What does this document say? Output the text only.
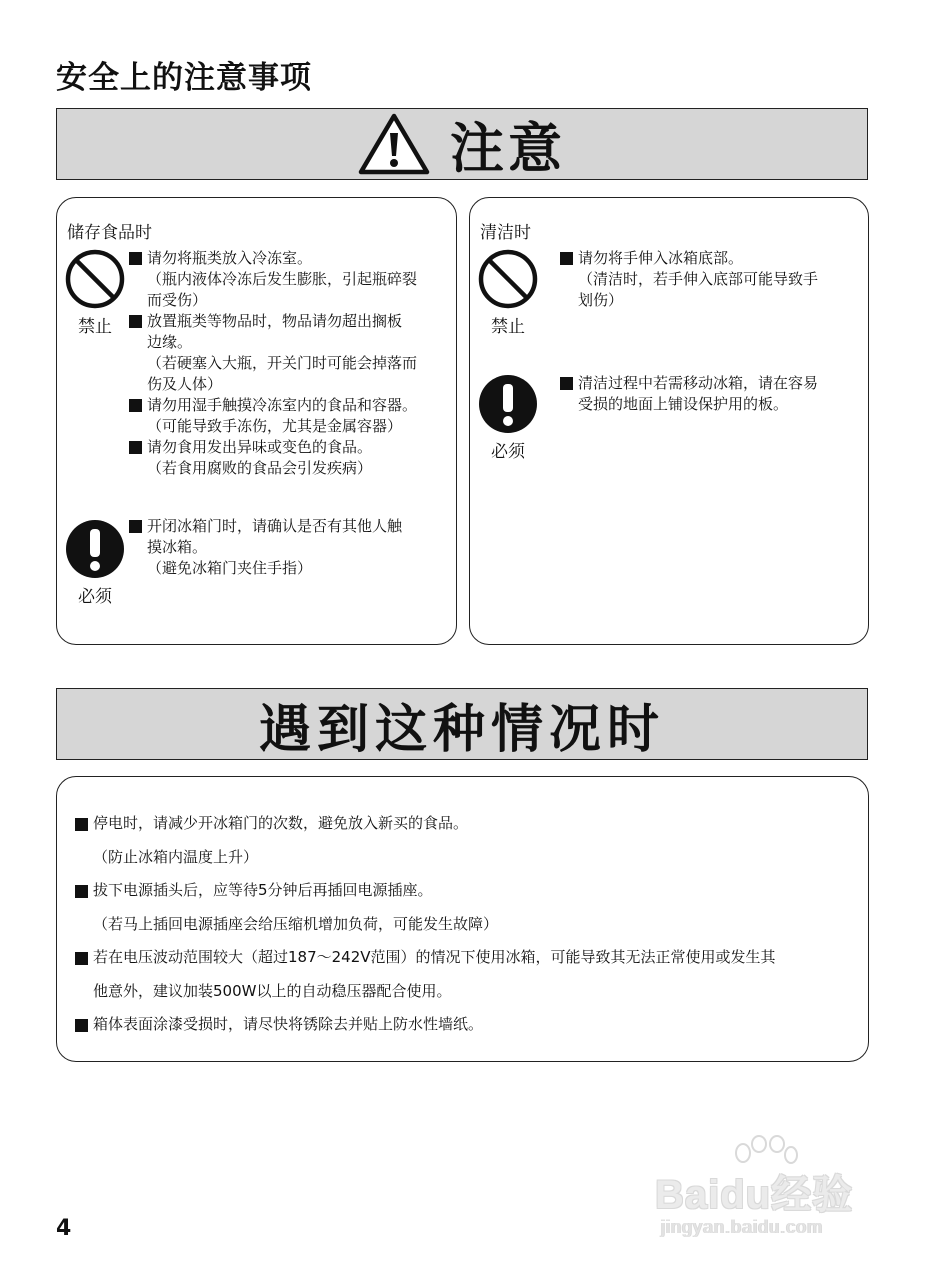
安全上的注意事项
注意
储存食品时
禁止
请勿将瓶类放入冷冻室。
（瓶内液体冷冻后发生膨胀，引起瓶碎裂
而受伤）
放置瓶类等物品时，物品请勿超出搁板
边缘。
（若硬塞入大瓶，开关门时可能会掉落而
伤及人体）
请勿用湿手触摸冷冻室内的食品和容器。
（可能导致手冻伤，尤其是金属容器）
请勿食用发出异味或变色的食品。
（若食用腐败的食品会引发疾病）
必须
开闭冰箱门时，请确认是否有其他人触
摸冰箱。
（避免冰箱门夹住手指）
清洁时
禁止
请勿将手伸入冰箱底部。
（清洁时，若手伸入底部可能导致手
划伤）
必须
清洁过程中若需移动冰箱，请在容易
受损的地面上铺设保护用的板。
遇到这种情况时
停电时，请减少开冰箱门的次数，避免放入新买的食品。
（防止冰箱内温度上升）
拔下电源插头后，应等待5分钟后再插回电源插座。
（若马上插回电源插座会给压缩机增加负荷，可能发生故障）
若在电压波动范围较大（超过187～242V范围）的情况下使用冰箱，可能导致其无法正常使用或发生其
他意外，建议加装500W以上的自动稳压器配合使用。
箱体表面涂漆受损时，请尽快将锈除去并贴上防水性墙纸。
4
Baidu经验
jingyan.baidu.com
